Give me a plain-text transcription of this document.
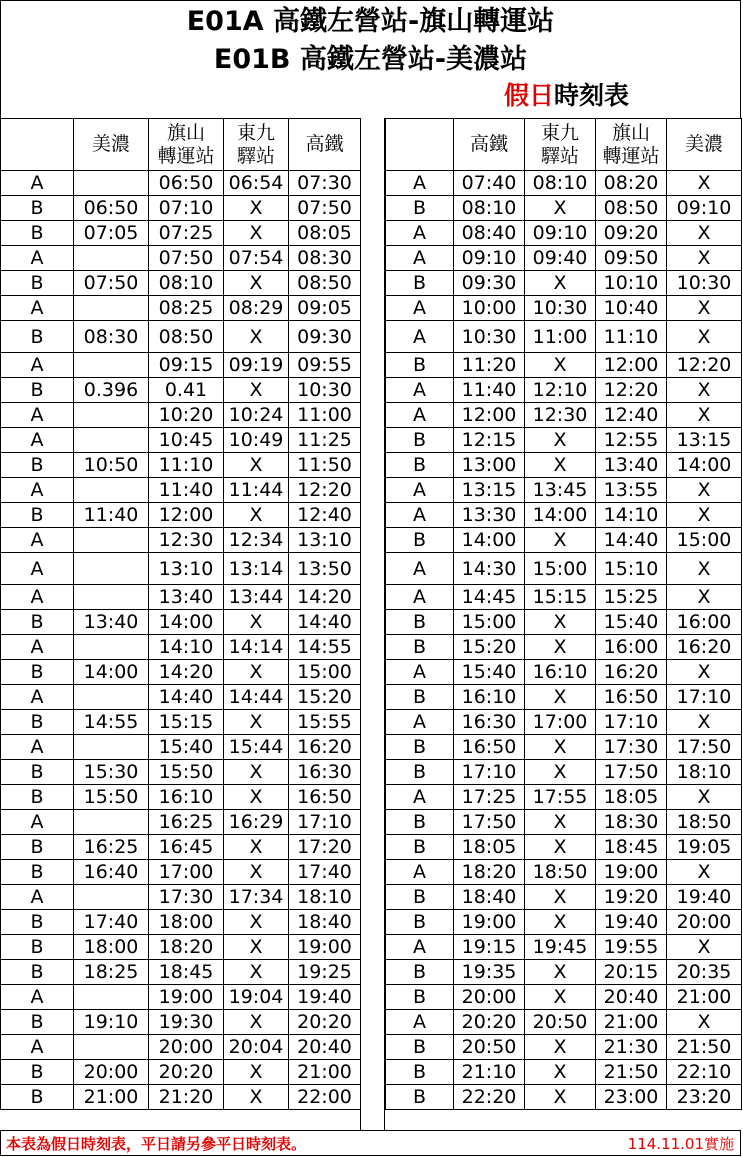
E01A 高鐵左營站-旗山轉運站
E01B 高鐵左營站-美濃站
假日時刻表
	美濃	旗山
轉運站	東九
驛站	高鐵
A		06:50	06:54	07:30
B	06:50	07:10	X	07:50
B	07:05	07:25	X	08:05
A		07:50	07:54	08:30
B	07:50	08:10	X	08:50
A		08:25	08:29	09:05
B	08:30	08:50	X	09:30
A		09:15	09:19	09:55
B	0.396	0.41	X	10:30
A		10:20	10:24	11:00
A		10:45	10:49	11:25
B	10:50	11:10	X	11:50
A		11:40	11:44	12:20
B	11:40	12:00	X	12:40
A		12:30	12:34	13:10
A		13:10	13:14	13:50
A		13:40	13:44	14:20
B	13:40	14:00	X	14:40
A		14:10	14:14	14:55
B	14:00	14:20	X	15:00
A		14:40	14:44	15:20
B	14:55	15:15	X	15:55
A		15:40	15:44	16:20
B	15:30	15:50	X	16:30
B	15:50	16:10	X	16:50
A		16:25	16:29	17:10
B	16:25	16:45	X	17:20
B	16:40	17:00	X	17:40
A		17:30	17:34	18:10
B	17:40	18:00	X	18:40
B	18:00	18:20	X	19:00
B	18:25	18:45	X	19:25
A		19:00	19:04	19:40
B	19:10	19:30	X	20:20
A		20:00	20:04	20:40
B	20:00	20:20	X	21:00
B	21:00	21:20	X	22:00
	高鐵	東九
驛站	旗山
轉運站	美濃
A	07:40	08:10	08:20	X
B	08:10	X	08:50	09:10
A	08:40	09:10	09:20	X
A	09:10	09:40	09:50	X
B	09:30	X	10:10	10:30
A	10:00	10:30	10:40	X
A	10:30	11:00	11:10	X
B	11:20	X	12:00	12:20
A	11:40	12:10	12:20	X
A	12:00	12:30	12:40	X
B	12:15	X	12:55	13:15
B	13:00	X	13:40	14:00
A	13:15	13:45	13:55	X
A	13:30	14:00	14:10	X
B	14:00	X	14:40	15:00
A	14:30	15:00	15:10	X
A	14:45	15:15	15:25	X
B	15:00	X	15:40	16:00
B	15:20	X	16:00	16:20
A	15:40	16:10	16:20	X
B	16:10	X	16:50	17:10
A	16:30	17:00	17:10	X
B	16:50	X	17:30	17:50
B	17:10	X	17:50	18:10
A	17:25	17:55	18:05	X
B	17:50	X	18:30	18:50
B	18:05	X	18:45	19:05
A	18:20	18:50	19:00	X
B	18:40	X	19:20	19:40
B	19:00	X	19:40	20:00
A	19:15	19:45	19:55	X
B	19:35	X	20:15	20:35
B	20:00	X	20:40	21:00
A	20:20	20:50	21:00	X
B	20:50	X	21:30	21:50
B	21:10	X	21:50	22:10
B	22:20	X	23:00	23:20
本表為假日時刻表，平日請另參平日時刻表。	114.11.01實施
